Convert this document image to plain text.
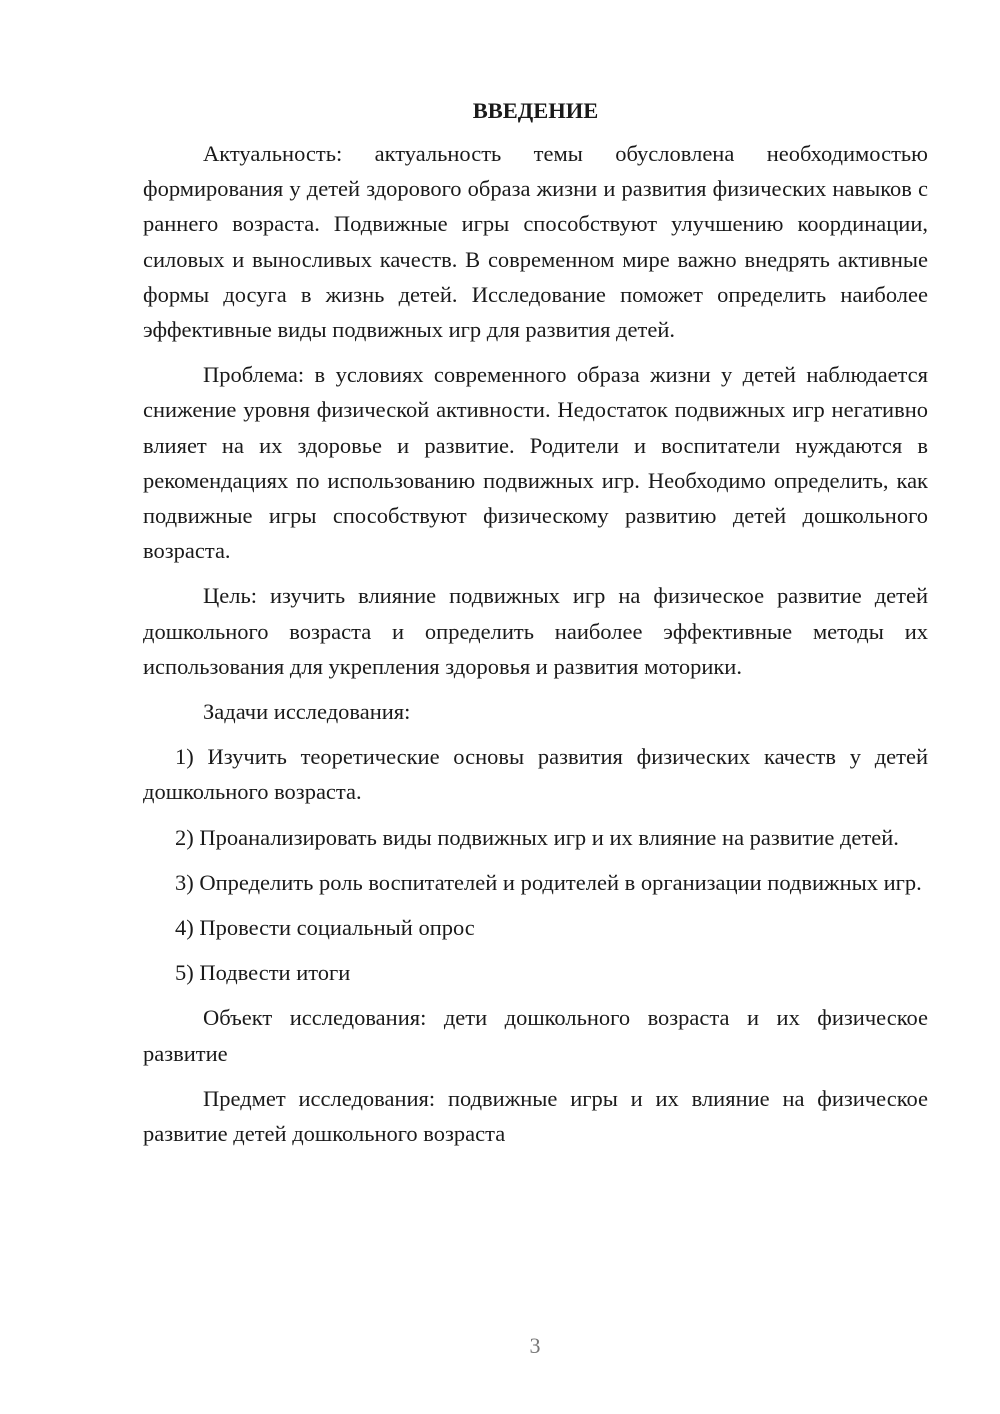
ВВЕДЕНИЕ

Актуальность: актуальность темы обусловлена необходимостью формирования у детей здорового образа жизни и развития физических навыков с раннего возраста. Подвижные игры способствуют улучшению координации, силовых и выносливых качеств. В современном мире важно внедрять активные формы досуга в жизнь детей. Исследование поможет определить наиболее эффективные виды подвижных игр для развития детей.

Проблема: в условиях современного образа жизни у детей наблюдается снижение уровня физической активности. Недостаток подвижных игр негативно влияет на их здоровье и развитие. Родители и воспитатели нуждаются в рекомендациях по использованию подвижных игр. Необходимо определить, как подвижные игры способствуют физическому развитию детей дошкольного возраста.

Цель: изучить влияние подвижных игр на физическое развитие детей дошкольного возраста и определить наиболее эффективные методы их использования для укрепления здоровья и развития моторики.

Задачи исследования:

1) Изучить теоретические основы развития физических качеств у детей дошкольного возраста.

2) Проанализировать виды подвижных игр и их влияние на развитие детей.

3) Определить роль воспитателей и родителей в организации подвижных игр.

4) Провести социальный опрос

5) Подвести итоги

Объект исследования: дети дошкольного возраста и их физическое развитие

Предмет исследования: подвижные игры и их влияние на физическое развитие детей дошкольного возраста

3
